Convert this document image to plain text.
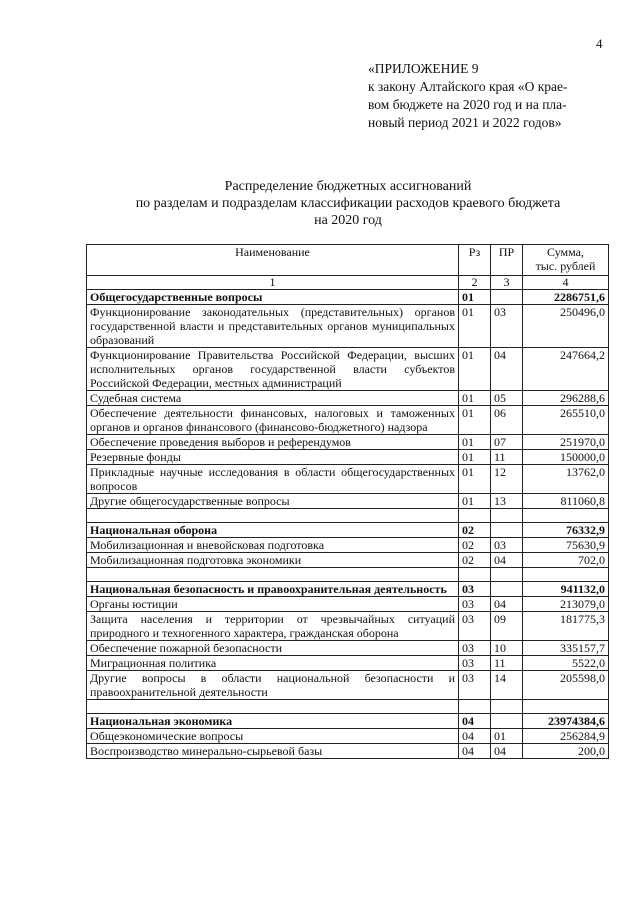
4
«ПРИЛОЖЕНИЕ 9
к закону Алтайского края «О крае-
вом бюджете на 2020 год и на пла-
новый период 2021 и 2022 годов»
Распределение бюджетных ассигнований
по разделам и подразделам классификации расходов краевого бюджета
на 2020 год
Наименование	Рз	ПР	Сумма,
тыс. рублей

1	2	3	4
Общегосударственные вопросы	01		2286751,6
Функционирование законодательных (представительных) органов государственной власти и представительных органов муниципальных образований	01	03	250496,0
Функционирование Правительства Российской Федерации, высших исполнительных органов государственной власти субъектов Российской Федерации, местных администраций	01	04	247664,2
Судебная система	01	05	296288,6
Обеспечение деятельности финансовых, налоговых и таможенных органов и органов финансового (финансово-бюджетного) надзора	01	06	265510,0
Обеспечение проведения выборов и референдумов	01	07	251970,0
Резервные фонды	01	11	150000,0
Прикладные научные исследования в области общегосударственных вопросов	01	12	13762,0
Другие общегосударственные вопросы	01	13	811060,8

Национальная оборона	02		76332,9
Мобилизационная и вневойсковая подготовка	02	03	75630,9
Мобилизационная подготовка экономики	02	04	702,0

Национальная безопасность и правоохранительная деятельность	03		941132,0
Органы юстиции	03	04	213079,0
Защита населения и территории от чрезвычайных ситуаций природного и техногенного характера, гражданская оборона	03	09	181775,3
Обеспечение пожарной безопасности	03	10	335157,7
Миграционная политика	03	11	5522,0
Другие вопросы в области национальной безопасности и правоохранительной деятельности	03	14	205598,0

Национальная экономика	04		23974384,6
Общеэкономические вопросы	04	01	256284,9
Воспроизводство минерально-сырьевой базы	04	04	200,0
